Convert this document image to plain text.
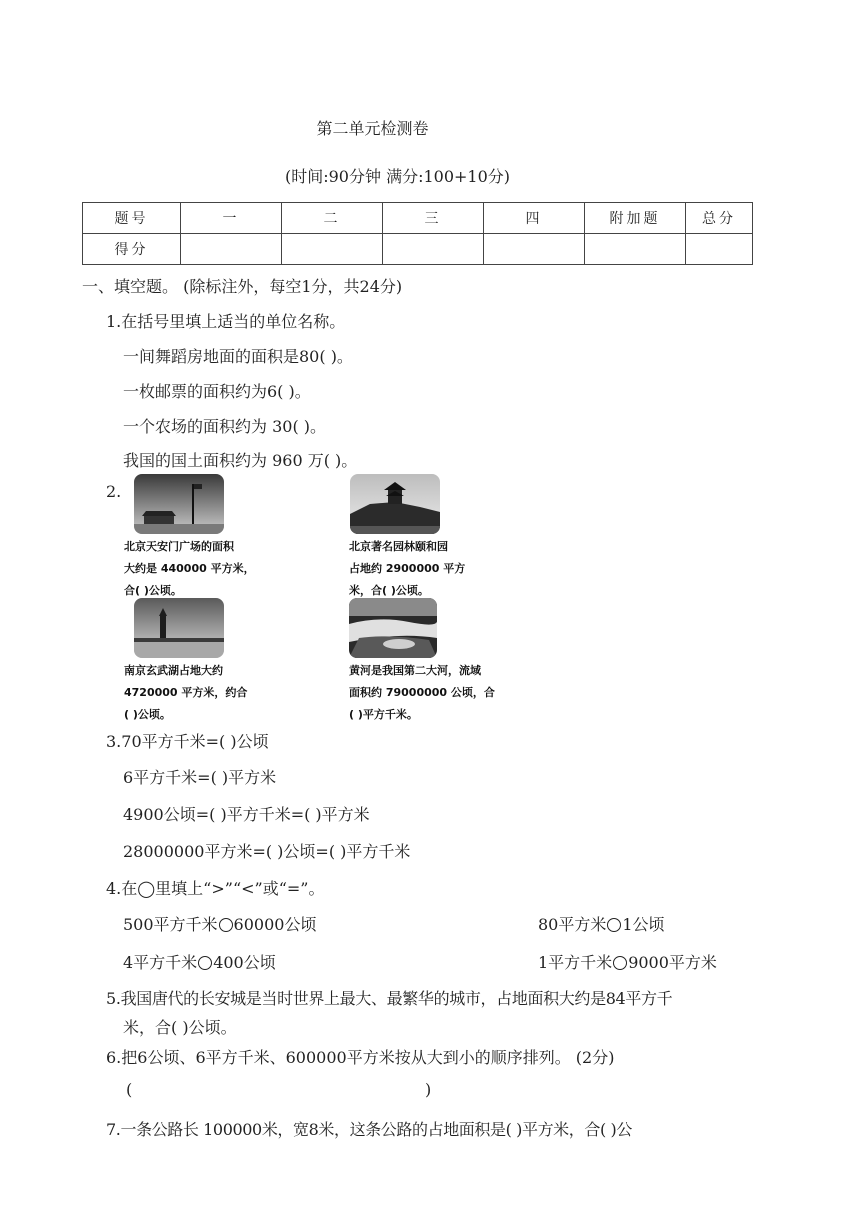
第二单元检测卷
(时间:90分钟 满分:100+10分)
题号	一	二	三	四	附加题	总分
得分						
一、填空题。 (除标注外，每空1分，共24分)
1.在括号里填上适当的单位名称。
一间舞蹈房地面的面积是80( )。
一枚邮票的面积约为6( )。
一个农场的面积约为 30( )。
我国的国土面积约为 960 万( )。
2.
北京天安门广场的面积
大约是 440000 平方米，
合( )公顷。
北京著名园林颐和园
占地约 2900000 平方
米，合( )公顷。
南京玄武湖占地大约
4720000 平方米，约合
( )公顷。
黄河是我国第二大河，流域
面积约 79000000 公顷，合
( )平方千米。
3.70平方千米=( )公顷
6平方千米=( )平方米
4900公顷=( )平方千米=( )平方米
28000000平方米=( )公顷=( )平方千米
4.在◯里填上“>”“<”或“=”。
500平方千米 60000公顷	80平方米 1公顷
4平方千米 400公顷	1平方千米 9000平方米
5.我国唐代的长安城是当时世界上最大、最繁华的城市，占地面积大约是84平方千
米，合( )公顷。
6.把6公顷、6平方千米、600000平方米按从大到小的顺序排列。 (2分)
(	)
7.一条公路长 100000米，宽8米，这条公路的占地面积是( )平方米，合( )公
